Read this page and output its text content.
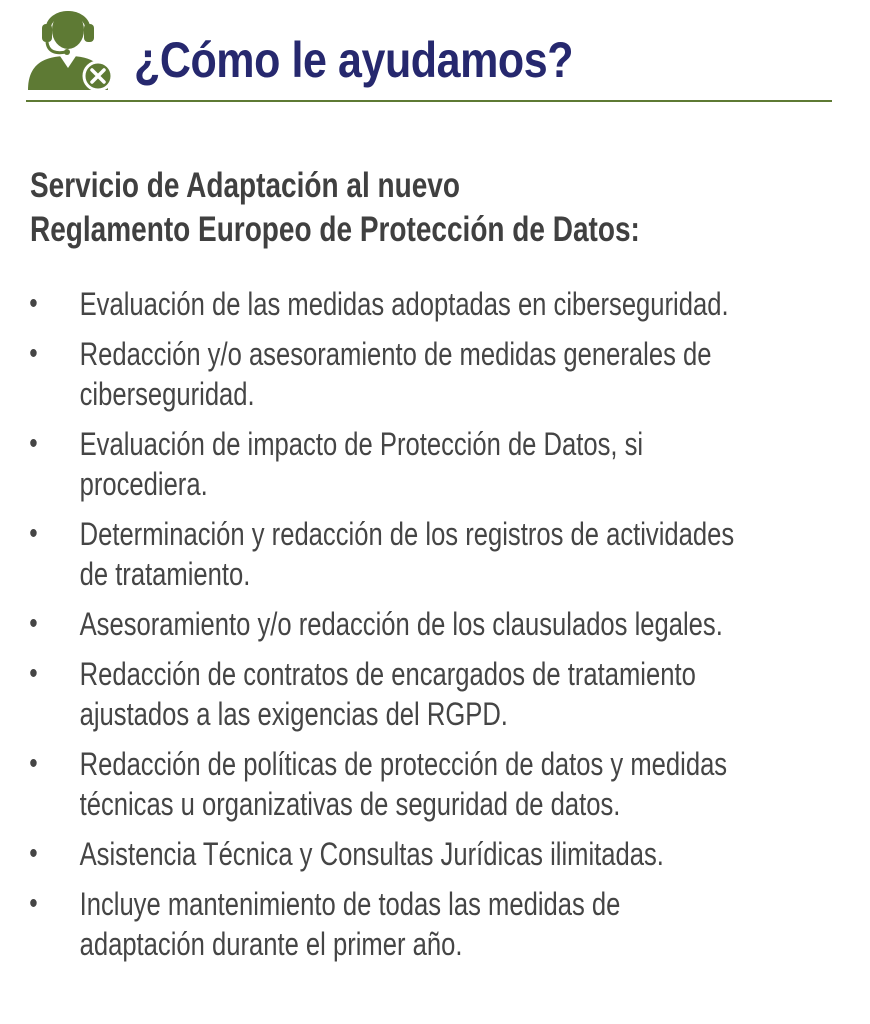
¿Cómo le ayudamos?
Servicio de Adaptación al nuevo
Reglamento Europeo de Protección de Datos:
• Evaluación de las medidas adoptadas en ciberseguridad.
• Redacción y/o asesoramiento de medidas generales de
ciberseguridad.
• Evaluación de impacto de Protección de Datos, si
procediera.
• Determinación y redacción de los registros de actividades
de tratamiento.
• Asesoramiento y/o redacción de los clausulados legales.
• Redacción de contratos de encargados de tratamiento
ajustados a las exigencias del RGPD.
• Redacción de políticas de protección de datos y medidas
técnicas u organizativas de seguridad de datos.
• Asistencia Técnica y Consultas Jurídicas ilimitadas.
• Incluye mantenimiento de todas las medidas de
adaptación durante el primer año.
